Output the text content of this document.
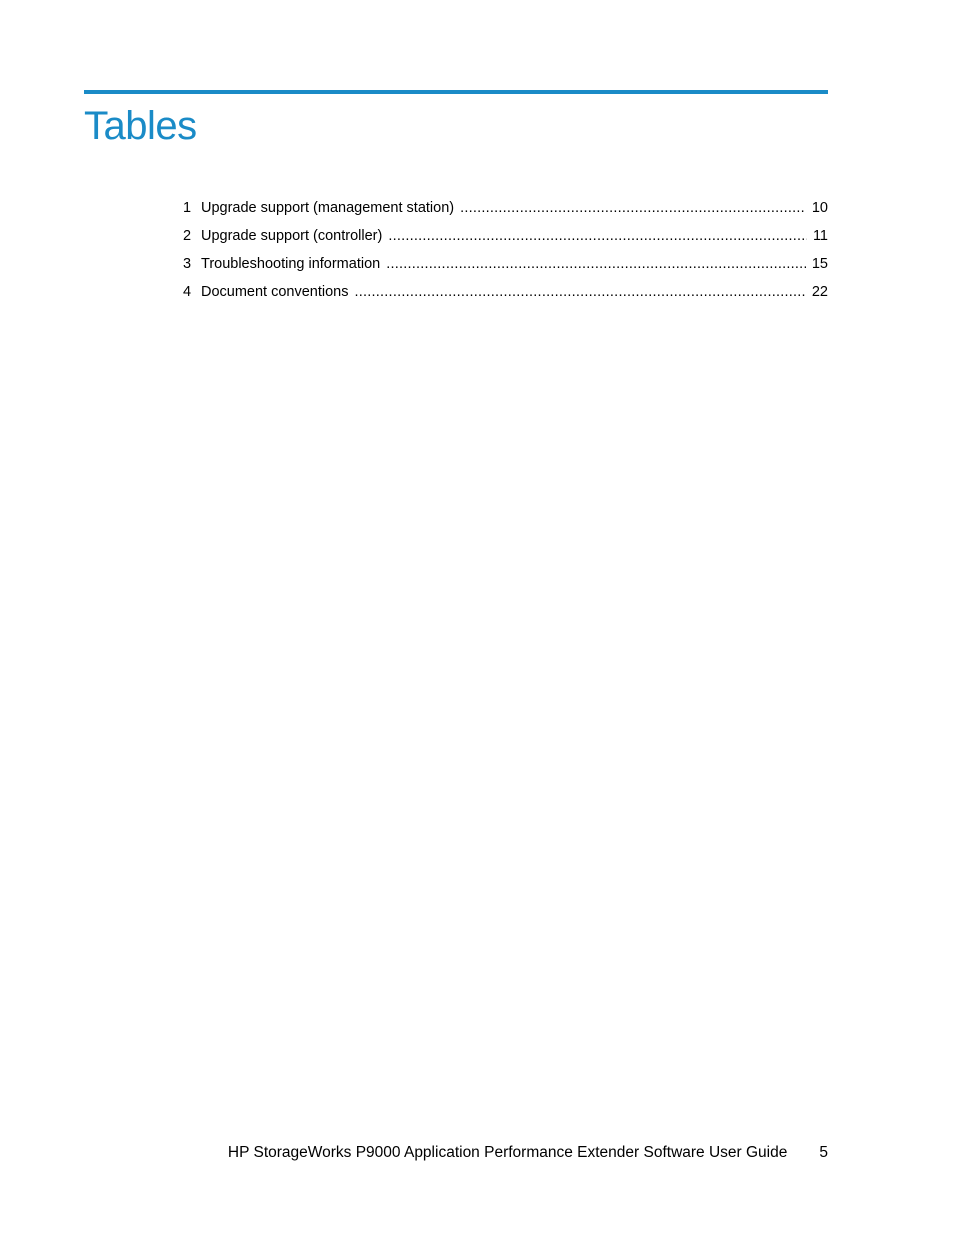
Tables
1 Upgrade support (management station) . . .	10
2 Upgrade support (controller) . . .	11
3 Troubleshooting information . . .	15
4 Document conventions . . .	22
HP StorageWorks P9000 Application Performance Extender Software User Guide 5
